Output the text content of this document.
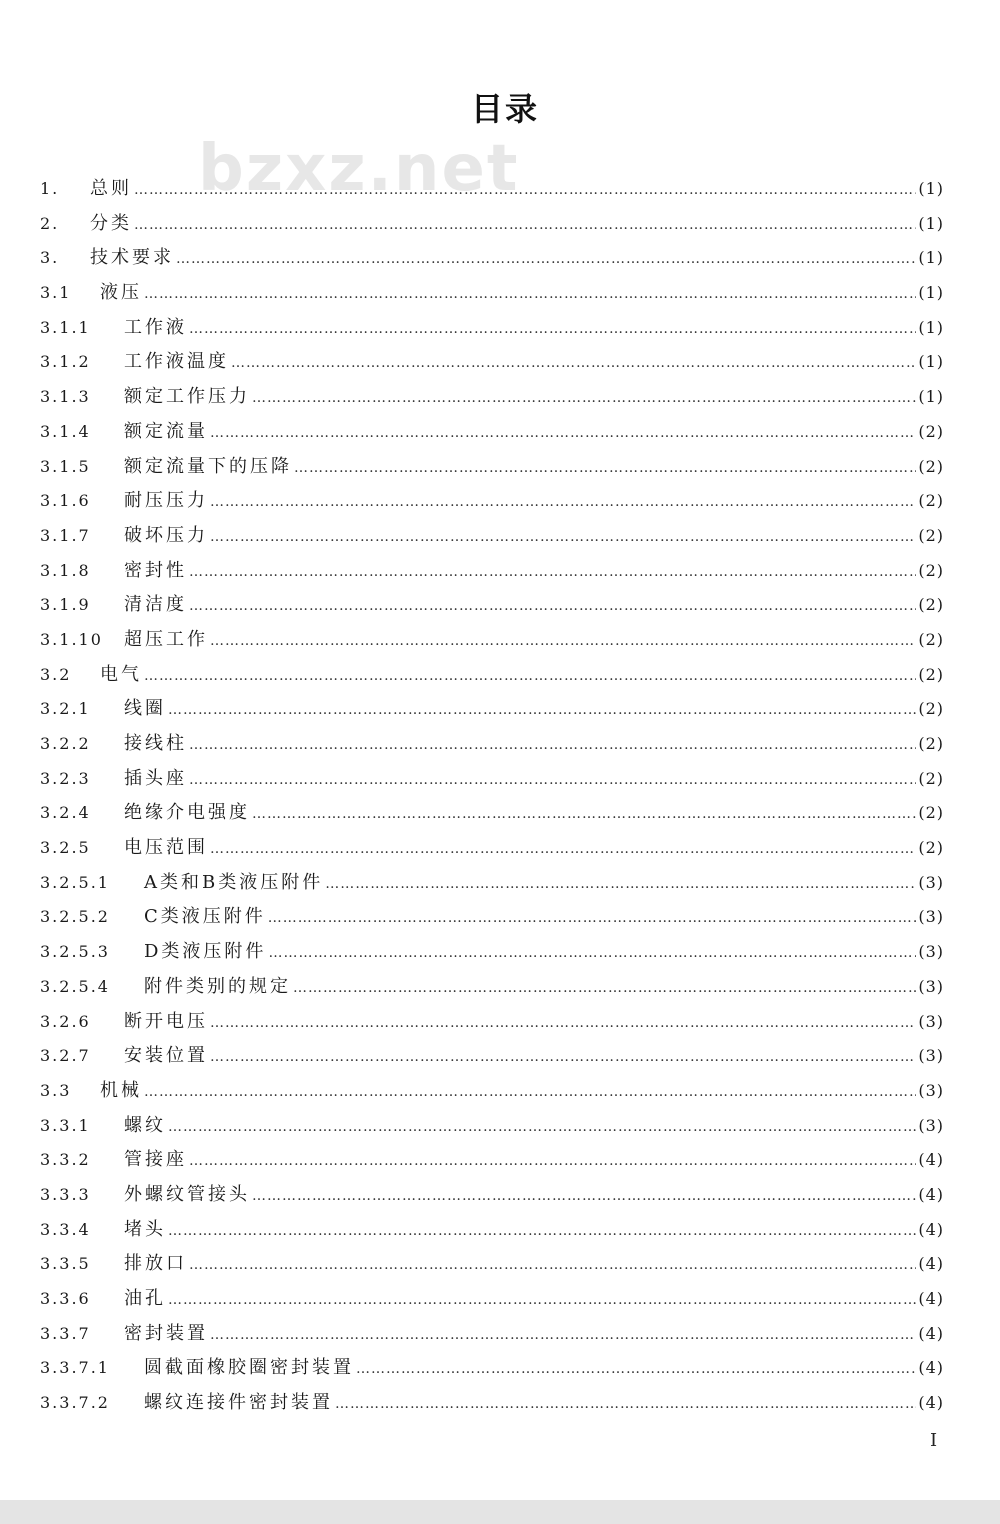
目录
bzxz.net
1.	总则 ……………………………………………………………………………………………………………………………………………………………………………………………………………………	(1)
2.	分类 ……………………………………………………………………………………………………………………………………………………………………………………………………………………	(1)
3.	技术要求 ……………………………………………………………………………………………………………………………………………………………………………………………………………………	(1)
3.1	液压 ……………………………………………………………………………………………………………………………………………………………………………………………………………………	(1)
3.1.1	工作液 ……………………………………………………………………………………………………………………………………………………………………………………………………………………	(1)
3.1.2	工作液温度 ……………………………………………………………………………………………………………………………………………………………………………………………………………………	(1)
3.1.3	额定工作压力 ……………………………………………………………………………………………………………………………………………………………………………………………………………………	(1)
3.1.4	额定流量 ……………………………………………………………………………………………………………………………………………………………………………………………………………………	(2)
3.1.5	额定流量下的压降 ……………………………………………………………………………………………………………………………………………………………………………………………………………………	(2)
3.1.6	耐压压力 ……………………………………………………………………………………………………………………………………………………………………………………………………………………	(2)
3.1.7	破坏压力 ……………………………………………………………………………………………………………………………………………………………………………………………………………………	(2)
3.1.8	密封性 ……………………………………………………………………………………………………………………………………………………………………………………………………………………	(2)
3.1.9	清洁度 ……………………………………………………………………………………………………………………………………………………………………………………………………………………	(2)
3.1.10	超压工作 ……………………………………………………………………………………………………………………………………………………………………………………………………………………	(2)
3.2	电气 ……………………………………………………………………………………………………………………………………………………………………………………………………………………	(2)
3.2.1	线圈 ……………………………………………………………………………………………………………………………………………………………………………………………………………………	(2)
3.2.2	接线柱 ……………………………………………………………………………………………………………………………………………………………………………………………………………………	(2)
3.2.3	插头座 ……………………………………………………………………………………………………………………………………………………………………………………………………………………	(2)
3.2.4	绝缘介电强度 ……………………………………………………………………………………………………………………………………………………………………………………………………………………	(2)
3.2.5	电压范围 ……………………………………………………………………………………………………………………………………………………………………………………………………………………	(2)
3.2.5.1	A类和B类液压附件 ……………………………………………………………………………………………………………………………………………………………………………………………………………………	(3)
3.2.5.2	C类液压附件 ……………………………………………………………………………………………………………………………………………………………………………………………………………………	(3)
3.2.5.3	D类液压附件 ……………………………………………………………………………………………………………………………………………………………………………………………………………………	(3)
3.2.5.4	附件类别的规定 ……………………………………………………………………………………………………………………………………………………………………………………………………………………	(3)
3.2.6	断开电压 ……………………………………………………………………………………………………………………………………………………………………………………………………………………	(3)
3.2.7	安装位置 ……………………………………………………………………………………………………………………………………………………………………………………………………………………	(3)
3.3	机械 ……………………………………………………………………………………………………………………………………………………………………………………………………………………	(3)
3.3.1	螺纹 ……………………………………………………………………………………………………………………………………………………………………………………………………………………	(3)
3.3.2	管接座 ……………………………………………………………………………………………………………………………………………………………………………………………………………………	(4)
3.3.3	外螺纹管接头 ……………………………………………………………………………………………………………………………………………………………………………………………………………………	(4)
3.3.4	堵头 ……………………………………………………………………………………………………………………………………………………………………………………………………………………	(4)
3.3.5	排放口 ……………………………………………………………………………………………………………………………………………………………………………………………………………………	(4)
3.3.6	油孔 ……………………………………………………………………………………………………………………………………………………………………………………………………………………	(4)
3.3.7	密封装置 ……………………………………………………………………………………………………………………………………………………………………………………………………………………	(4)
3.3.7.1	圆截面橡胶圈密封装置 ……………………………………………………………………………………………………………………………………………………………………………………………………………………	(4)
3.3.7.2	螺纹连接件密封装置 ……………………………………………………………………………………………………………………………………………………………………………………………………………………	(4)
I
